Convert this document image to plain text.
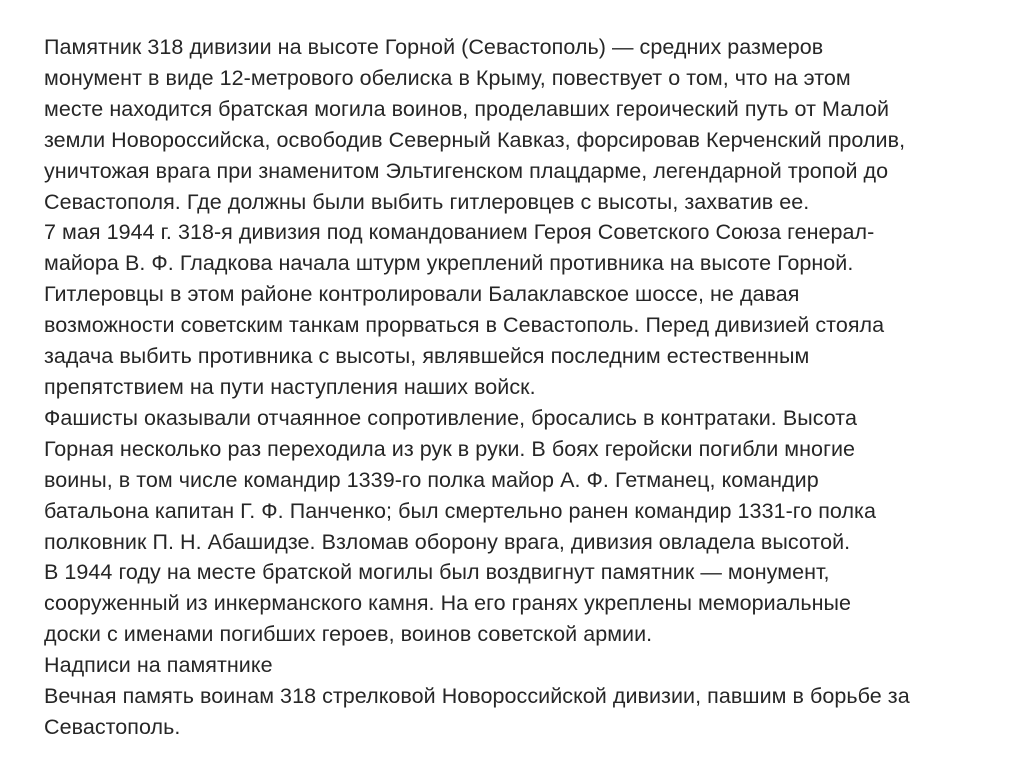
Памятник 318 дивизии на высоте Горной (Севастополь) — средних размеров
монумент в виде 12-метрового обелиска в Крыму, повествует о том, что на этом
месте находится братская могила воинов, проделавших героический путь от Малой
земли Новороссийска, освободив Северный Кавказ, форсировав Керченский пролив,
уничтожая врага при знаменитом Эльтигенском плацдарме, легендарной тропой до
Севастополя. Где должны были выбить гитлеровцев с высоты, захватив ее.
7 мая 1944 г. 318-я дивизия под командованием Героя Советского Союза генерал-
майора В. Ф. Гладкова начала штурм укреплений противника на высоте Горной.
Гитлеровцы в этом районе контролировали Балаклавское шоссе, не давая
возможности советским танкам прорваться в Севастополь. Перед дивизией стояла
задача выбить противника с высоты, являвшейся последним естественным
препятствием на пути наступления наших войск.
Фашисты оказывали отчаянное сопротивление, бросались в контратаки. Высота
Горная несколько раз переходила из рук в руки. В боях геройски погибли многие
воины, в том числе командир 1339-го полка майор А. Ф. Гетманец, командир
батальона капитан Г. Ф. Панченко; был смертельно ранен командир 1331-го полка
полковник П. Н. Абашидзе. Взломав оборону врага, дивизия овладела высотой.
В 1944 году на месте братской могилы был воздвигнут памятник — монумент,
сооруженный из инкерманского камня. На его гранях укреплены мемориальные
доски с именами погибших героев, воинов советской армии.
Надписи на памятнике
Вечная память воинам 318 стрелковой Новороссийской дивизии, павшим в борьбе за
Севастополь.
